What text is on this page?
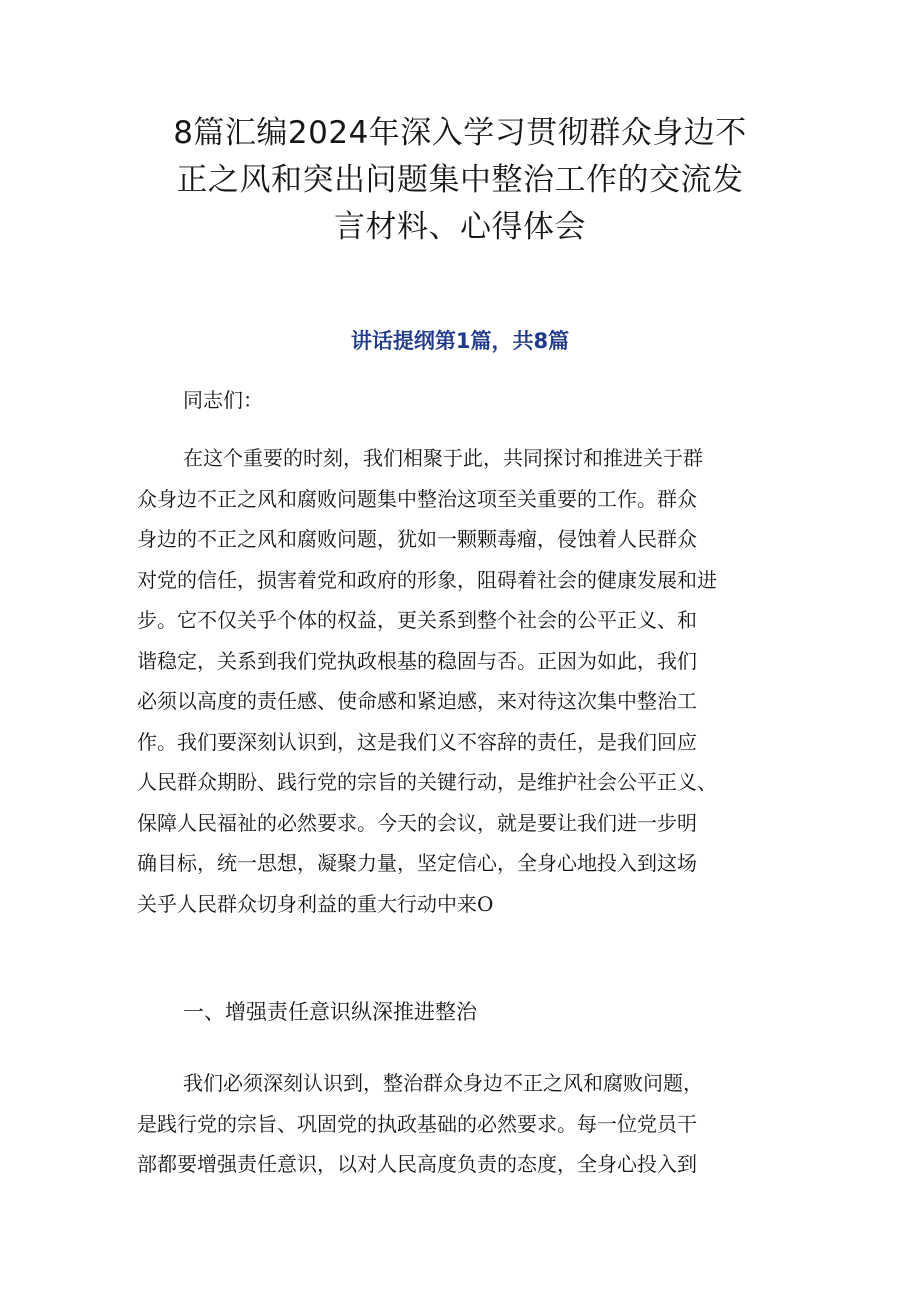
8篇汇编2024年深入学习贯彻群众身边不
正之风和突出问题集中整治工作的交流发
言材料、心得体会
讲话提纲第1篇，共8篇
同志们：
在这个重要的时刻，我们相聚于此，共同探讨和推进关于群
众身边不正之风和腐败问题集中整治这项至关重要的工作。群众
身边的不正之风和腐败问题，犹如一颗颗毒瘤，侵蚀着人民群众
对党的信任，损害着党和政府的形象，阻碍着社会的健康发展和进
步。它不仅关乎个体的权益，更关系到整个社会的公平正义、和
谐稳定，关系到我们党执政根基的稳固与否。正因为如此，我们
必须以高度的责任感、使命感和紧迫感，来对待这次集中整治工
作。我们要深刻认识到，这是我们义不容辞的责任，是我们回应
人民群众期盼、践行党的宗旨的关键行动，是维护社会公平正义、
保障人民福祉的必然要求。今天的会议，就是要让我们进一步明
确目标，统一思想，凝聚力量，坚定信心，全身心地投入到这场
关乎人民群众切身利益的重大行动中来O
一、增强责任意识纵深推进整治
我们必须深刻认识到，整治群众身边不正之风和腐败问题，
是践行党的宗旨、巩固党的执政基础的必然要求。每一位党员干
部都要增强责任意识，以对人民高度负责的态度，全身心投入到
